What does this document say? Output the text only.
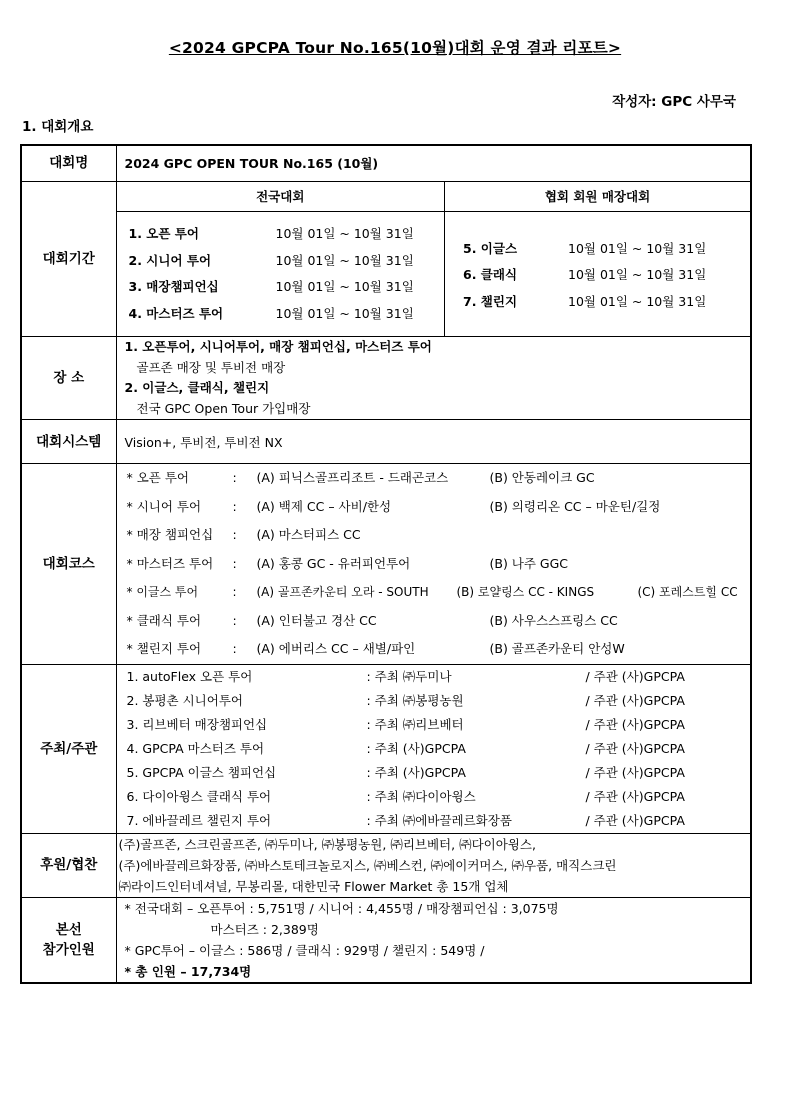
<2024 GPCPA Tour No.165(10월)대회 운영 결과 리포트>
작성자: GPC 사무국
1. 대회개요
대회명	2024 GPC OPEN TOUR No.165 (10월)
대회기간	
전국대회	협회 회원 매장대회

1. 오픈 투어	10월 01일 ~ 10월 31일
2. 시니어 투어	10월 01일 ~ 10월 31일
3. 매장챔피언십	10월 01일 ~ 10월 31일
4. 마스터즈 투어	10월 01일 ~ 10월 31일

5. 이글스	10월 01일 ~ 10월 31일
6. 클래식	10월 01일 ~ 10월 31일
7. 챌린지	10월 01일 ~ 10월 31일

장 소	
1. 오픈투어, 시니어투어, 매장 챔피언십, 마스터즈 투어
골프존 매장 및 투비전 매장
2. 이글스, 클래식, 챌린지
전국 GPC Open Tour 가입매장

대회시스템	Vision+, 투비전, 투비전 NX
대회코스	
* 오픈 투어	: (A) 피닉스골프리조트 - 드래곤코스	(B) 안동레이크 GC
* 시니어 투어	: (A) 백제 CC – 사비/한성	(B) 의령리온 CC – 마운틴/길정
* 매장 챔피언십 : (A) 마스터피스 CC
* 마스터즈 투어 : (A) 홍콩 GC - 유러피언투어	(B) 나주 GGC
* 이글스 투어	: (A) 골프존카운티 오라 - SOUTH (B) 로얄링스 CC - KINGS	(C) 포레스트힐 CC
* 클래식 투어	: (A) 인터불고 경산 CC	(B) 사우스스프링스 CC
* 챌린지 투어	: (A) 에버리스 CC – 새별/파인	(B) 골프존카운티 안성W

주최/주관	
1. autoFlex 오픈 투어	: 주최 ㈜두미나	/ 주관 (사)GPCPA
2. 봉평촌 시니어투어	: 주최 ㈜봉평농원	/ 주관 (사)GPCPA
3. 리브베터 매장챔피언십	: 주최 ㈜리브베터	/ 주관 (사)GPCPA
4. GPCPA 마스터즈 투어	: 주최 (사)GPCPA	/ 주관 (사)GPCPA
5. GPCPA 이글스 챔피언십	: 주최 (사)GPCPA	/ 주관 (사)GPCPA
6. 다이아윙스 클래식 투어	: 주최 ㈜다이아윙스	/ 주관 (사)GPCPA
7. 에바끌레르 챌린지 투어	: 주최 ㈜에바끌레르화장품	/ 주관 (사)GPCPA

후원/협찬	
(주)골프존, 스크린골프존, ㈜두미나, ㈜봉평농원, ㈜리브베터, ㈜다이아윙스,
(주)에바끌레르화장품, ㈜바스토테크놀로지스, ㈜베스컨, ㈜에이커머스, ㈜우품, 매직스크린
㈜라이드인터네셔널, 무봉리몰, 대한민국 Flower Market 총 15개 업체

본선
참가인원

* 전국대회 – 오픈투어 : 5,751명 / 시니어 : 4,455명 / 매장챔피언십 : 3,075명
마스터즈 : 2,389명
* GPC투어 – 이글스 : 586명 / 클래식 : 929명 / 챌린지 : 549명 /
* 총 인원 – 17,734명
